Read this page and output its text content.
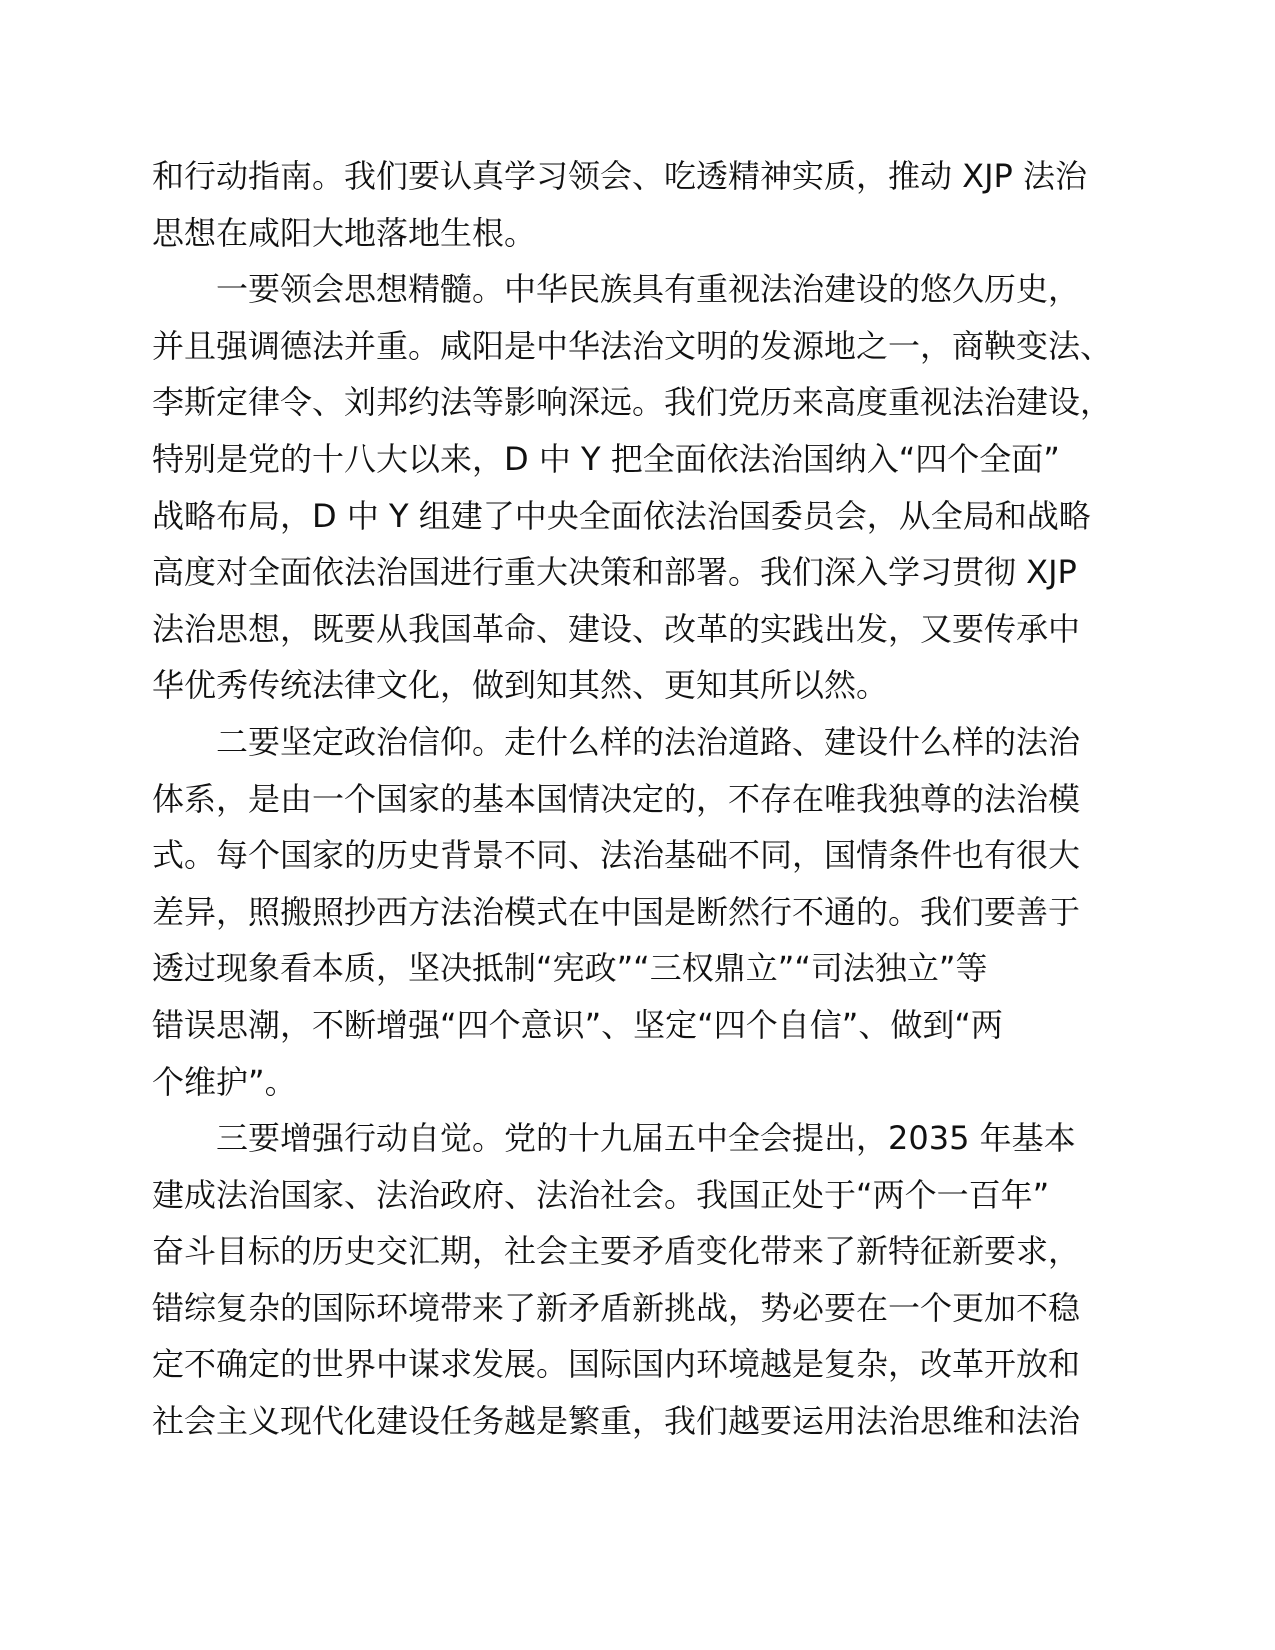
和行动指南。我们要认真学习领会、吃透精神实质，推动 XJP 法治
思想在咸阳大地落地生根。
一要领会思想精髓。中华民族具有重视法治建设的悠久历史，
并且强调德法并重。咸阳是中华法治文明的发源地之一，商鞅变法、
李斯定律令、刘邦约法等影响深远。我们党历来高度重视法治建设，
特别是党的十八大以来，D 中 Y 把全面依法治国纳入“四个全面”
战略布局，D 中 Y 组建了中央全面依法治国委员会，从全局和战略
高度对全面依法治国进行重大决策和部署。我们深入学习贯彻 XJP
法治思想，既要从我国革命、建设、改革的实践出发，又要传承中
华优秀传统法律文化，做到知其然、更知其所以然。
二要坚定政治信仰。走什么样的法治道路、建设什么样的法治
体系，是由一个国家的基本国情决定的，不存在唯我独尊的法治模
式。每个国家的历史背景不同、法治基础不同，国情条件也有很大
差异，照搬照抄西方法治模式在中国是断然行不通的。我们要善于
透过现象看本质，坚决抵制“宪政”“三权鼎立”“司法独立”等
错误思潮，不断增强“四个意识”、坚定“四个自信”、做到“两
个维护”。
三要增强行动自觉。党的十九届五中全会提出，2035 年基本
建成法治国家、法治政府、法治社会。我国正处于“两个一百年”
奋斗目标的历史交汇期，社会主要矛盾变化带来了新特征新要求，
错综复杂的国际环境带来了新矛盾新挑战，势必要在一个更加不稳
定不确定的世界中谋求发展。国际国内环境越是复杂，改革开放和
社会主义现代化建设任务越是繁重，我们越要运用法治思维和法治
